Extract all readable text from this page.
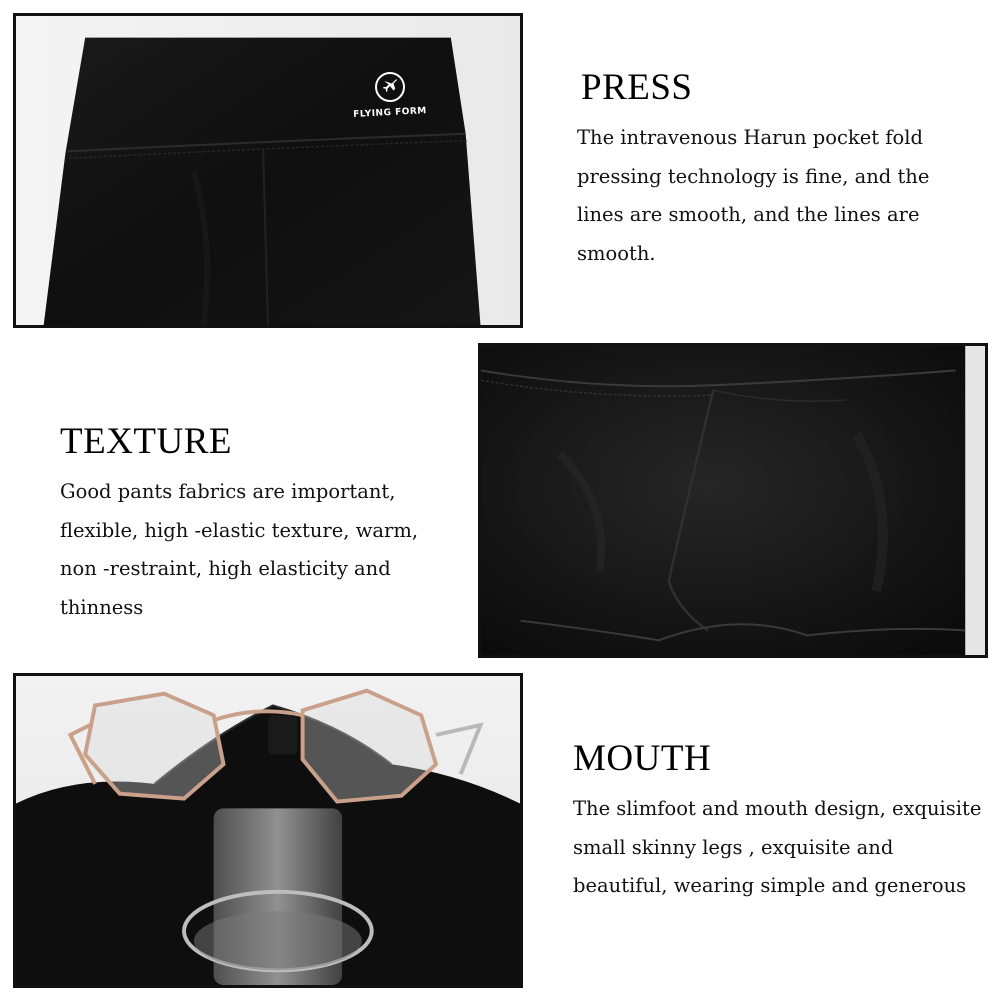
FLYING FORM
PRESS

The intravenous Harun pocket fold pressing technology is fine, and the lines are smooth, and the lines are smooth.

TEXTURE

Good pants fabrics are important, flexible, high -elastic texture, warm, non -restraint, high elasticity and thinness

MOUTH

The slimfoot and mouth design, exquisite small skinny legs , exquisite and beautiful, wearing simple and generous
